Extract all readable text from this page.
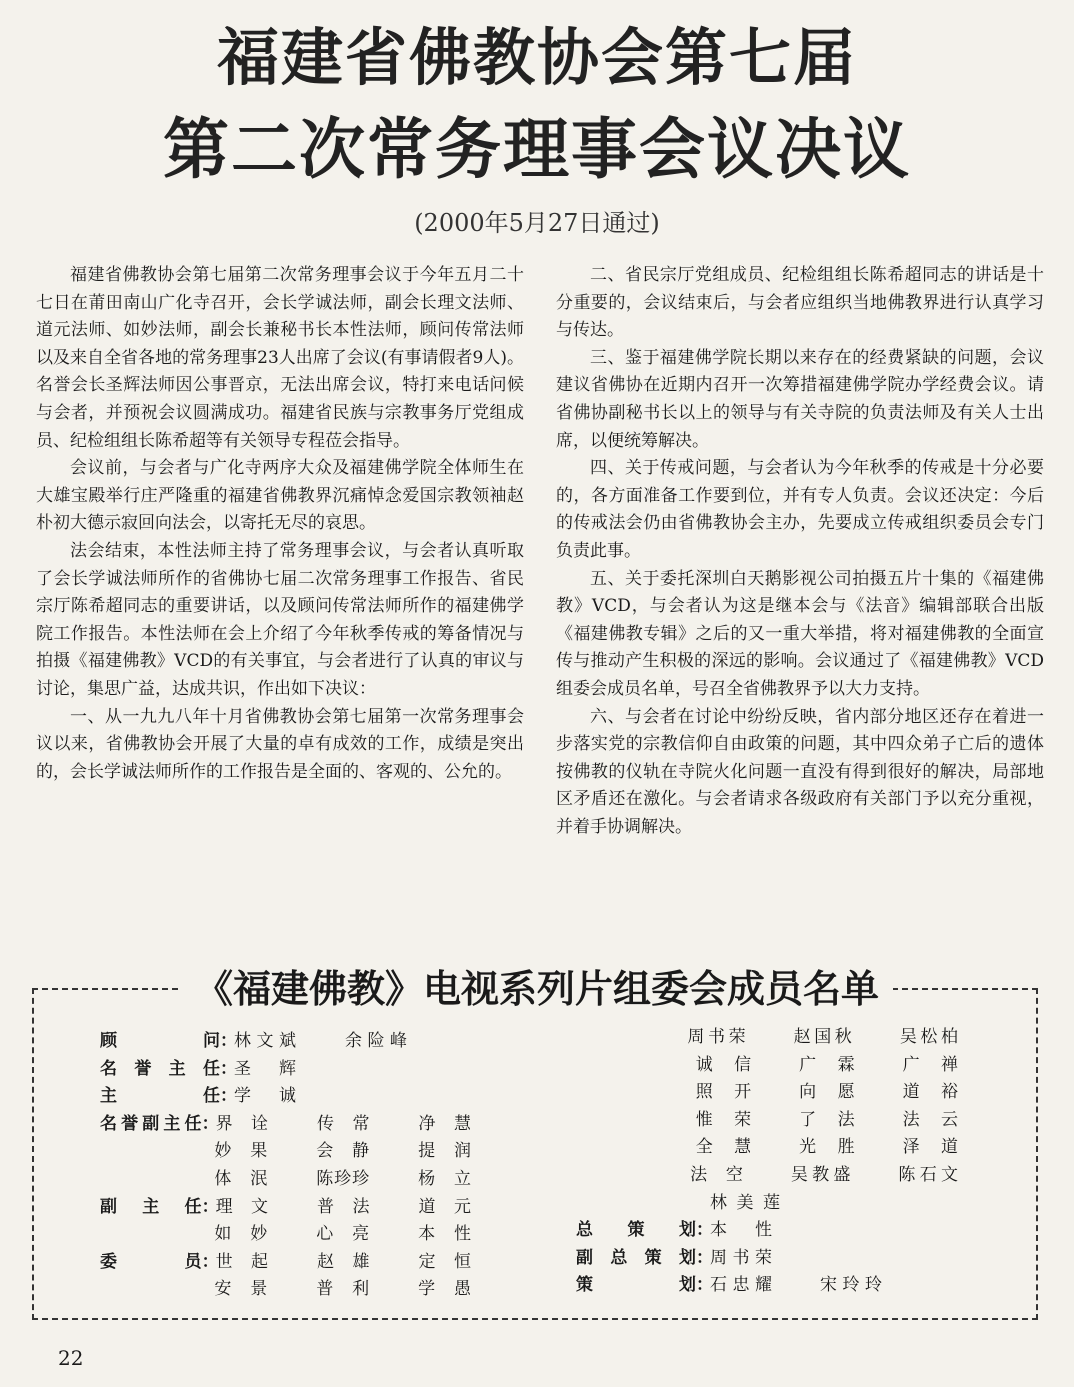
福建省佛教协会第七届
第二次常务理事会议决议
(2000年5月27日通过)

福建省佛教协会第七届第二次常务理事会议于今年五月二十七日在莆田南山广化寺召开，会长学诚法师，副会长理文法师、道元法师、如妙法师，副会长兼秘书长本性法师，顾问传常法师以及来自全省各地的常务理事23人出席了会议(有事请假者9人)。名誉会长圣辉法师因公事晋京，无法出席会议，特打来电话问候与会者，并预祝会议圆满成功。福建省民族与宗教事务厅党组成员、纪检组组长陈希超等有关领导专程莅会指导。

会议前，与会者与广化寺两序大众及福建佛学院全体师生在大雄宝殿举行庄严隆重的福建省佛教界沉痛悼念爱国宗教领袖赵朴初大德示寂回向法会，以寄托无尽的哀思。

法会结束，本性法师主持了常务理事会议，与会者认真听取了会长学诚法师所作的省佛协七届二次常务理事工作报告、省民宗厅陈希超同志的重要讲话，以及顾问传常法师所作的福建佛学院工作报告。本性法师在会上介绍了今年秋季传戒的筹备情况与拍摄《福建佛教》VCD的有关事宜，与会者进行了认真的审议与讨论，集思广益，达成共识，作出如下决议：

一、从一九九八年十月省佛教协会第七届第一次常务理事会议以来，省佛教协会开展了大量的卓有成效的工作，成绩是突出的，会长学诚法师所作的工作报告是全面的、客观的、公允的。

二、省民宗厅党组成员、纪检组组长陈希超同志的讲话是十分重要的，会议结束后，与会者应组织当地佛教界进行认真学习与传达。

三、鉴于福建佛学院长期以来存在的经费紧缺的问题，会议建议省佛协在近期内召开一次筹措福建佛学院办学经费会议。请省佛协副秘书长以上的领导与有关寺院的负责法师及有关人士出席，以便统筹解决。

四、关于传戒问题，与会者认为今年秋季的传戒是十分必要的，各方面准备工作要到位，并有专人负责。会议还决定：今后的传戒法会仍由省佛教协会主办，先要成立传戒组织委员会专门负责此事。

五、关于委托深圳白天鹅影视公司拍摄五片十集的《福建佛教》VCD，与会者认为这是继本会与《法音》编辑部联合出版《福建佛教专辑》之后的又一重大举措，将对福建佛教的全面宣传与推动产生积极的深远的影响。会议通过了《福建佛教》VCD组委会成员名单，号召全省佛教界予以大力支持。

六、与会者在讨论中纷纷反映，省内部分地区还存在着进一步落实党的宗教信仰自由政策的问题，其中四众弟子亡后的遗体按佛教的仪轨在寺院火化问题一直没有得到很好的解决，局部地区矛盾还在激化。与会者请求各级政府有关部门予以充分重视，并着手协调解决。

《福建佛教》电视系列片组委会成员名单
顾问 ：
林文斌	余险峰
名誉主任 ：
圣辉
主任 ：
学诚
名誉副主任 ：
界诠	传常	净慧
妙果	会静	提润
体泯	陈珍珍	杨立
副主任 ：
理文	普法	道元
如妙	心亮	本性
委员 ：
世起	赵雄	定恒
安景	普利	学愚
周书荣	赵国秋	吴松柏
诚信	广霖	广禅
照开	向愿	道裕
惟荣	了法	法云
全慧	光胜	泽道
法空	吴教盛	陈石文
林美莲
总策划 ：
本性
副总策划 ：
周书荣
策划 ：
石忠耀	宋玲玲
22
